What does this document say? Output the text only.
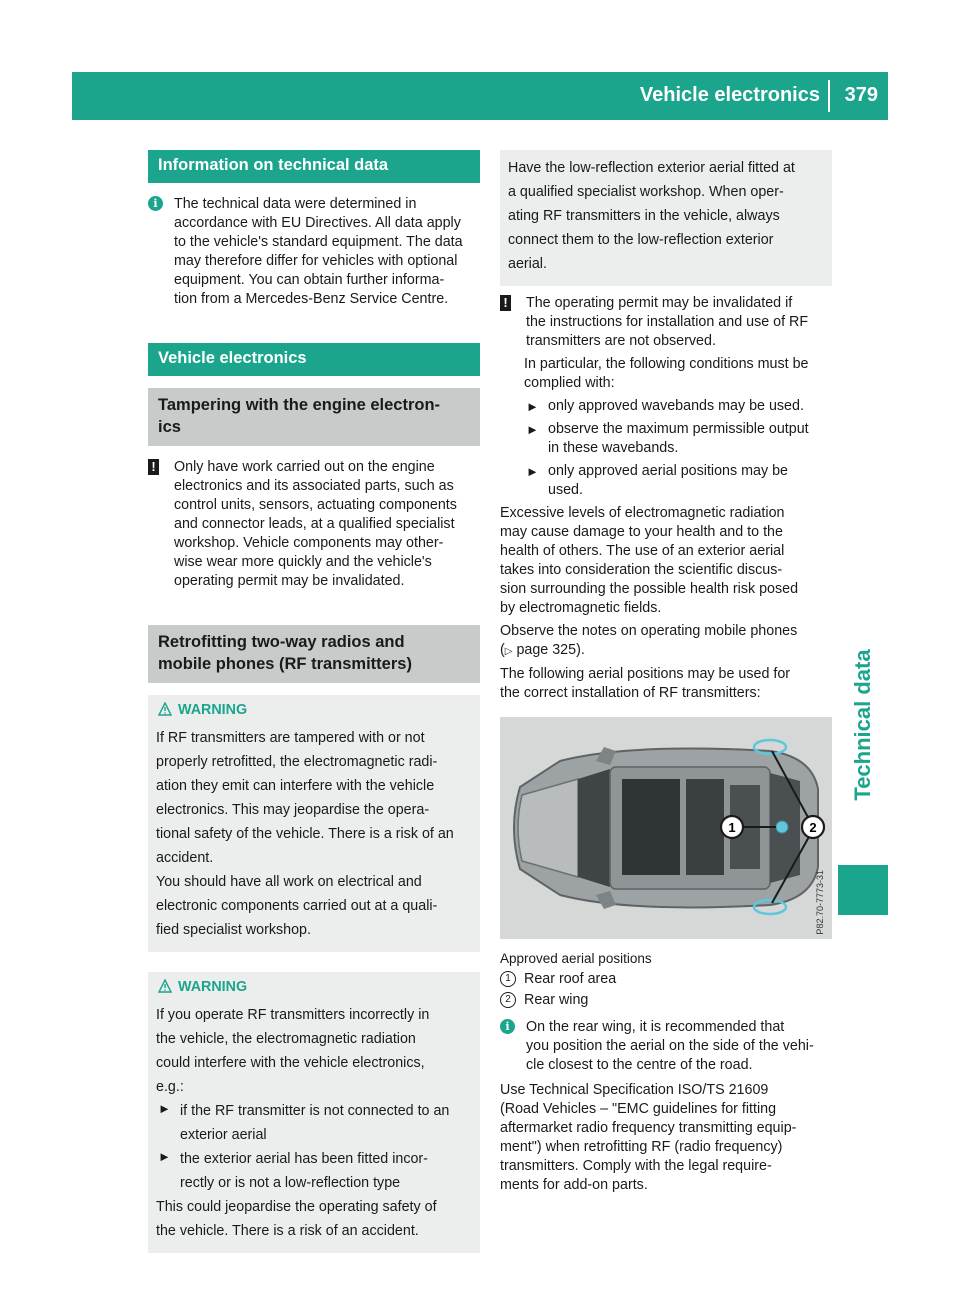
Vehicle electronics 379
Technical data
Information on technical data
i	The technical data were determined in
accordance with EU Directives. All data apply
to the vehicle's standard equipment. The data
may therefore differ for vehicles with optional
equipment. You can obtain further informa-
tion from a Mercedes-Benz Service Centre.
Vehicle electronics
Tampering with the engine electron-
ics
! Only have work carried out on the engine
electronics and its associated parts, such as
control units, sensors, actuating components
and connector leads, at a qualified specialist
workshop. Vehicle components may other-
wise wear more quickly and the vehicle's
operating permit may be invalidated.
Retrofitting two-way radios and
mobile phones (RF transmitters)
WARNING

If RF transmitters are tampered with or not

properly retrofitted, the electromagnetic radi-

ation they emit can interfere with the vehicle

electronics. This may jeopardise the opera-

tional safety of the vehicle. There is a risk of an

accident.

You should have all work on electrical and

electronic components carried out at a quali-

fied specialist workshop.

WARNING

If you operate RF transmitters incorrectly in

the vehicle, the electromagnetic radiation

could interfere with the vehicle electronics,

e.g.:

► if the RF transmitter is not connected to an

exterior aerial

► the exterior aerial has been fitted incor-

rectly or is not a low-reflection type

This could jeopardise the operating safety of

the vehicle. There is a risk of an accident.

Have the low-reflection exterior aerial fitted at

a qualified specialist workshop. When oper-

ating RF transmitters in the vehicle, always

connect them to the low-reflection exterior

aerial.

! The operating permit may be invalidated if
the instructions for installation and use of RF
transmitters are not observed.
In particular, the following conditions must be
complied with:
► only approved wavebands may be used.
► observe the maximum permissible output
in these wavebands.
► only approved aerial positions may be
used.
Excessive levels of electromagnetic radiation
may cause damage to your health and to the
health of others. The use of an exterior aerial
takes into consideration the scientific discus-
sion surrounding the possible health risk posed
by electromagnetic fields.
Observe the notes on operating mobile phones
(▷ page 325).
The following aerial positions may be used for
the correct installation of RF transmitters:
1	2
P82.70-7773-31
Approved aerial positions
1 Rear roof area
2 Rear wing
i	On the rear wing, it is recommended that
you position the aerial on the side of the vehi-
cle closest to the centre of the road.
Use Technical Specification ISO/TS 21609
(Road Vehicles – "EMC guidelines for fitting
aftermarket radio frequency transmitting equip-
ment") when retrofitting RF (radio frequency)
transmitters. Comply with the legal require-
ments for add-on parts.
